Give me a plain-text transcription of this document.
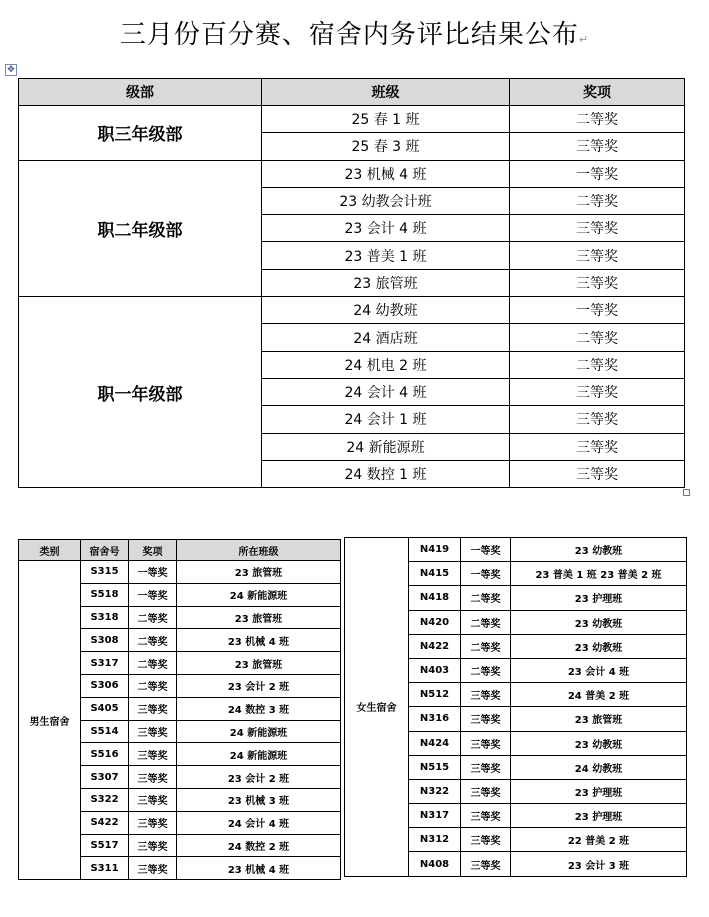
三月份百分赛、宿舍内务评比结果公布↵
✥
级部	班级	奖项
职三年级部	25 春 1 班	二等奖
	25 春 3 班	三等奖
职二年级部	23 机械 4 班	一等奖
	23 幼教会计班	二等奖
	23 会计 4 班	三等奖
	23 普美 1 班	三等奖
	23 旅管班	三等奖
职一年级部	24 幼教班	一等奖
	24 酒店班	二等奖
	24 机电 2 班	二等奖
	24 会计 4 班	三等奖
	24 会计 1 班	三等奖
	24 新能源班	三等奖
	24 数控 1 班	三等奖
类别	宿舍号	奖项	所在班级
男生宿舍	S315	一等奖	23 旅管班
	S518	一等奖	24 新能源班
	S318	二等奖	23 旅管班
	S308	二等奖	23 机械 4 班
	S317	二等奖	23 旅管班
	S306	二等奖	23 会计 2 班
	S405	三等奖	24 数控 3 班
	S514	三等奖	24 新能源班
	S516	三等奖	24 新能源班
	S307	三等奖	23 会计 2 班
	S322	三等奖	23 机械 3 班
	S422	三等奖	24 会计 4 班
	S517	三等奖	24 数控 2 班
	S311	三等奖	23 机械 4 班
女生宿舍	N419	一等奖	23 幼教班
	N415	一等奖	23 普美 1 班 23 普美 2 班
	N418	二等奖	23 护理班
	N420	二等奖	23 幼教班
	N422	二等奖	23 幼教班
	N403	二等奖	23 会计 4 班
	N512	三等奖	24 普美 2 班
	N316	三等奖	23 旅管班
	N424	三等奖	23 幼教班
	N515	三等奖	24 幼教班
	N322	三等奖	23 护理班
	N317	三等奖	23 护理班
	N312	三等奖	22 普美 2 班
	N408	三等奖	23 会计 3 班
